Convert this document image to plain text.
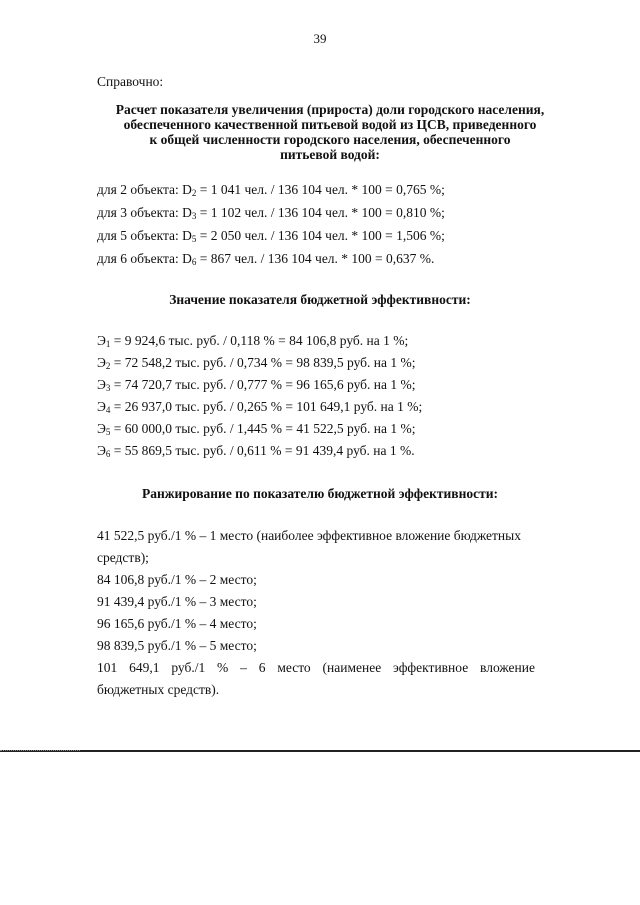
39
Справочно:
Расчет показателя увеличения (прироста) доли городского населения,
обеспеченного качественной питьевой водой из ЦСВ, приведенного
к общей численности городского населения, обеспеченного
питьевой водой:
для 2 объекта: $D_2 = 1$ 041 чел. / 136 104 чел. * 100 = 0,765 %;
для 3 объекта: $D_3 = 1$ 102 чел. / 136 104 чел. * 100 = 0,810 %;
для 5 объекта: $D_5 = 2$ 050 чел. / 136 104 чел. * 100 = 1,506 %;
для 6 объекта: $D_6 = 867$ чел. / 136 104 чел. * 100 = 0,637 %.
Значение показателя бюджетной эффективности:
$Э_1 = 9$ 924,6 тыс. руб. / 0,118 % = 84 106,8 руб. на 1 %;
$Э_2 = 72$ 548,2 тыс. руб. / 0,734 % = 98 839,5 руб. на 1 %;
$Э_3 = 74$ 720,7 тыс. руб. / 0,777 % = 96 165,6 руб. на 1 %;
$Э_4 = 26$ 937,0 тыс. руб. / 0,265 % = 101 649,1 руб. на 1 %;
$Э_5 = 60$ 000,0 тыс. руб. / 1,445 % = 41 522,5 руб. на 1 %;
$Э_6 = 55$ 869,5 тыс. руб. / 0,611 % = 91 439,4 руб. на 1 %.
Ранжирование по показателю бюджетной эффективности:
41 522,5 руб./1 % – 1 место (наиболее эффективное вложение бюджетных
средств);
84 106,8 руб./1 % – 2 место;
91 439,4 руб./1 % – 3 место;
96 165,6 руб./1 % – 4 место;
98 839,5 руб./1 % – 5 место;
101 649,1 руб./1 % – 6 место (наименее эффективное вложение
бюджетных средств).
